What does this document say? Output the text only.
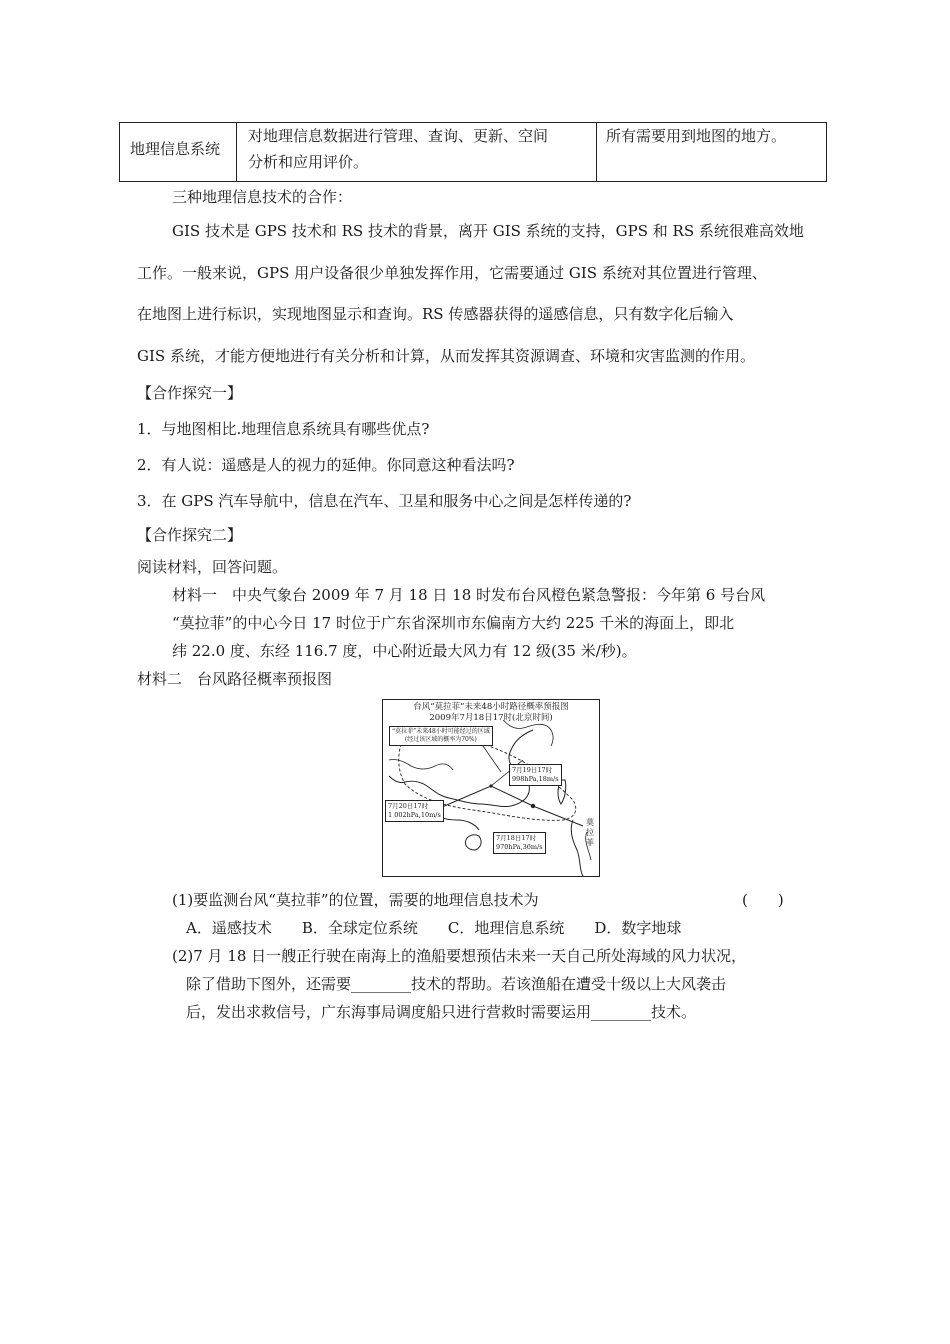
地理信息系统
对地理信息数据进行管理、查询、更新、空间
分析和应用评价。
所有需要用到地图的地方。
三种地理信息技术的合作：
GIS 技术是 GPS 技术和 RS 技术的背景，离开 GIS 系统的支持，GPS 和 RS 系统很难高效地
工作。一般来说，GPS 用户设备很少单独发挥作用，它需要通过 GIS 系统对其位置进行管理、
在地图上进行标识，实现地图显示和查询。RS 传感器获得的遥感信息，只有数字化后输入
GIS 系统，才能方便地进行有关分析和计算，从而发挥其资源调查、环境和灾害监测的作用。
【合作探究一】
1．与地图相比.地理信息系统具有哪些优点?
2．有人说：遥感是人的视力的延伸。你同意这种看法吗?
3．在 GPS 汽车导航中，信息在汽车、卫星和服务中心之间是怎样传递的?
【合作探究二】
阅读材料，回答问题。
材料一　中央气象台 2009 年 7 月 18 日 18 时发布台风橙色紧急警报：今年第 6 号台风
“莫拉菲”的中心今日 17 时位于广东省深圳市东偏南方大约 225 千米的海面上，即北
纬 22.0 度、东经 116.7 度，中心附近最大风力有 12 级(35 米/秒)。
材料二　台风路径概率预报图
台风“莫拉菲”未来48小时路径概率预报图
2009年7月18日17时(北京时间)
“莫拉菲”未来48小时可能经过的区域
(经过该区域的概率为70%)
7月19日17时
998hPa,18m/s
7月20日17时
1 002hPa,10m/s
7月18日17时
970hPa,36m/s
莫
拉
菲
(1)要监测台风“莫拉菲”的位置，需要的地理信息技术为	(　　)
A．遥感技术　　B．全球定位系统　　C．地理信息系统　　D．数字地球
(2)7 月 18 日一艘正行驶在南海上的渔船要想预估未来一天自己所处海域的风力状况，
除了借助下图外，还需要________技术的帮助。若该渔船在遭受十级以上大风袭击
后，发出求救信号，广东海事局调度船只进行营救时需要运用________技术。
